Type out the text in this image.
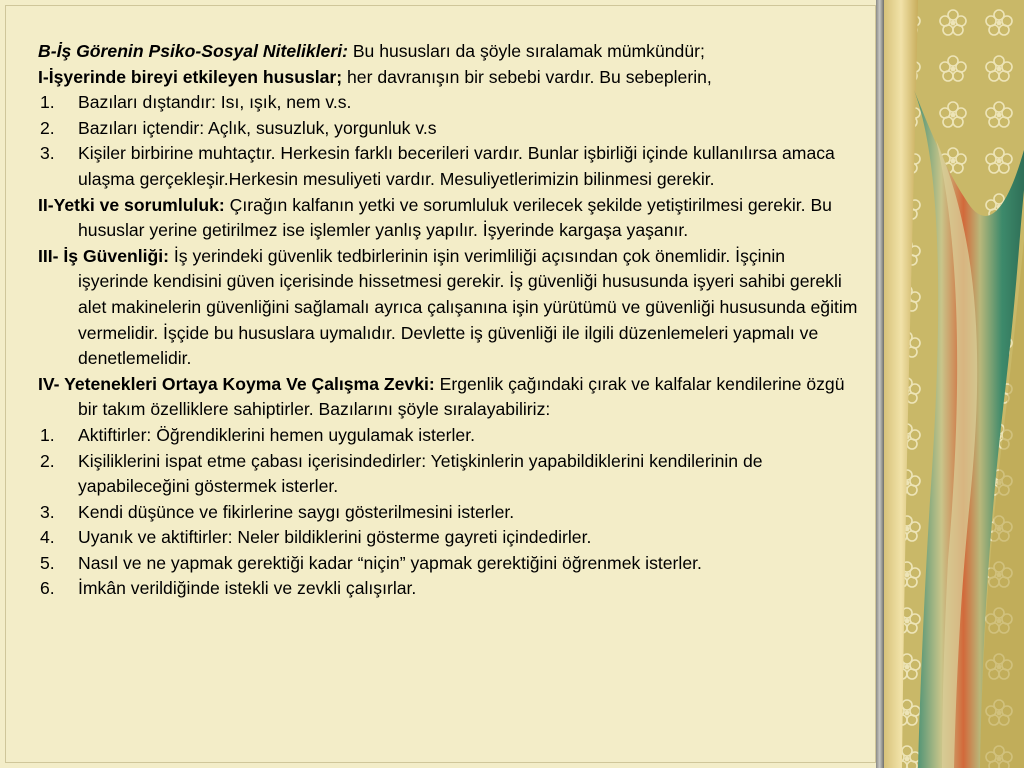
B-İş Görenin Psiko-Sosyal Nitelikleri: Bu hususları da şöyle sıralamak mümkündür;

I-İşyerinde bireyi etkileyen hususlar; her davranışın bir sebebi vardır. Bu sebeplerin,

1. Bazıları dıştandır: Isı, ışık, nem v.s.

2. Bazıları içtendir: Açlık, susuzluk, yorgunluk v.s

3. Kişiler birbirine muhtaçtır. Herkesin farklı becerileri vardır. Bunlar işbirliği içinde kullanılırsa amaca ulaşma gerçekleşir.Herkesin mesuliyeti vardır. Mesuliyetlerimizin bilinmesi gerekir.

II-Yetki ve sorumluluk: Çırağın kalfanın yetki ve sorumluluk verilecek şekilde yetiştirilmesi gerekir. Bu hususlar yerine getirilmez ise işlemler yanlış yapılır. İşyerinde kargaşa yaşanır.

III- İş Güvenliği: İş yerindeki güvenlik tedbirlerinin işin verimliliği açısından çok önemlidir. İşçinin işyerinde kendisini güven içerisinde hissetmesi gerekir. İş güvenliği hususunda işyeri sahibi gerekli alet makinelerin güvenliğini sağlamalı ayrıca çalışanına işin yürütümü ve güvenliği hususunda eğitim vermelidir. İşçide bu hususlara uymalıdır. Devlette iş güvenliği ile ilgili düzenlemeleri yapmalı ve denetlemelidir.

IV- Yetenekleri Ortaya Koyma Ve Çalışma Zevki: Ergenlik çağındaki çırak ve kalfalar kendilerine özgü bir takım özelliklere sahiptirler. Bazılarını şöyle sıralayabiliriz:

1. Aktiftirler: Öğrendiklerini hemen uygulamak isterler.

2. Kişiliklerini ispat etme çabası içerisindedirler: Yetişkinlerin yapabildiklerini kendilerinin de yapabileceğini göstermek isterler.

3. Kendi düşünce ve fikirlerine saygı gösterilmesini isterler.

4. Uyanık ve aktiftirler: Neler bildiklerini gösterme gayreti içindedirler.

5. Nasıl ve ne yapmak gerektiği kadar “niçin” yapmak gerektiğini öğrenmek isterler.

6. İmkân verildiğinde istekli ve zevkli çalışırlar.
